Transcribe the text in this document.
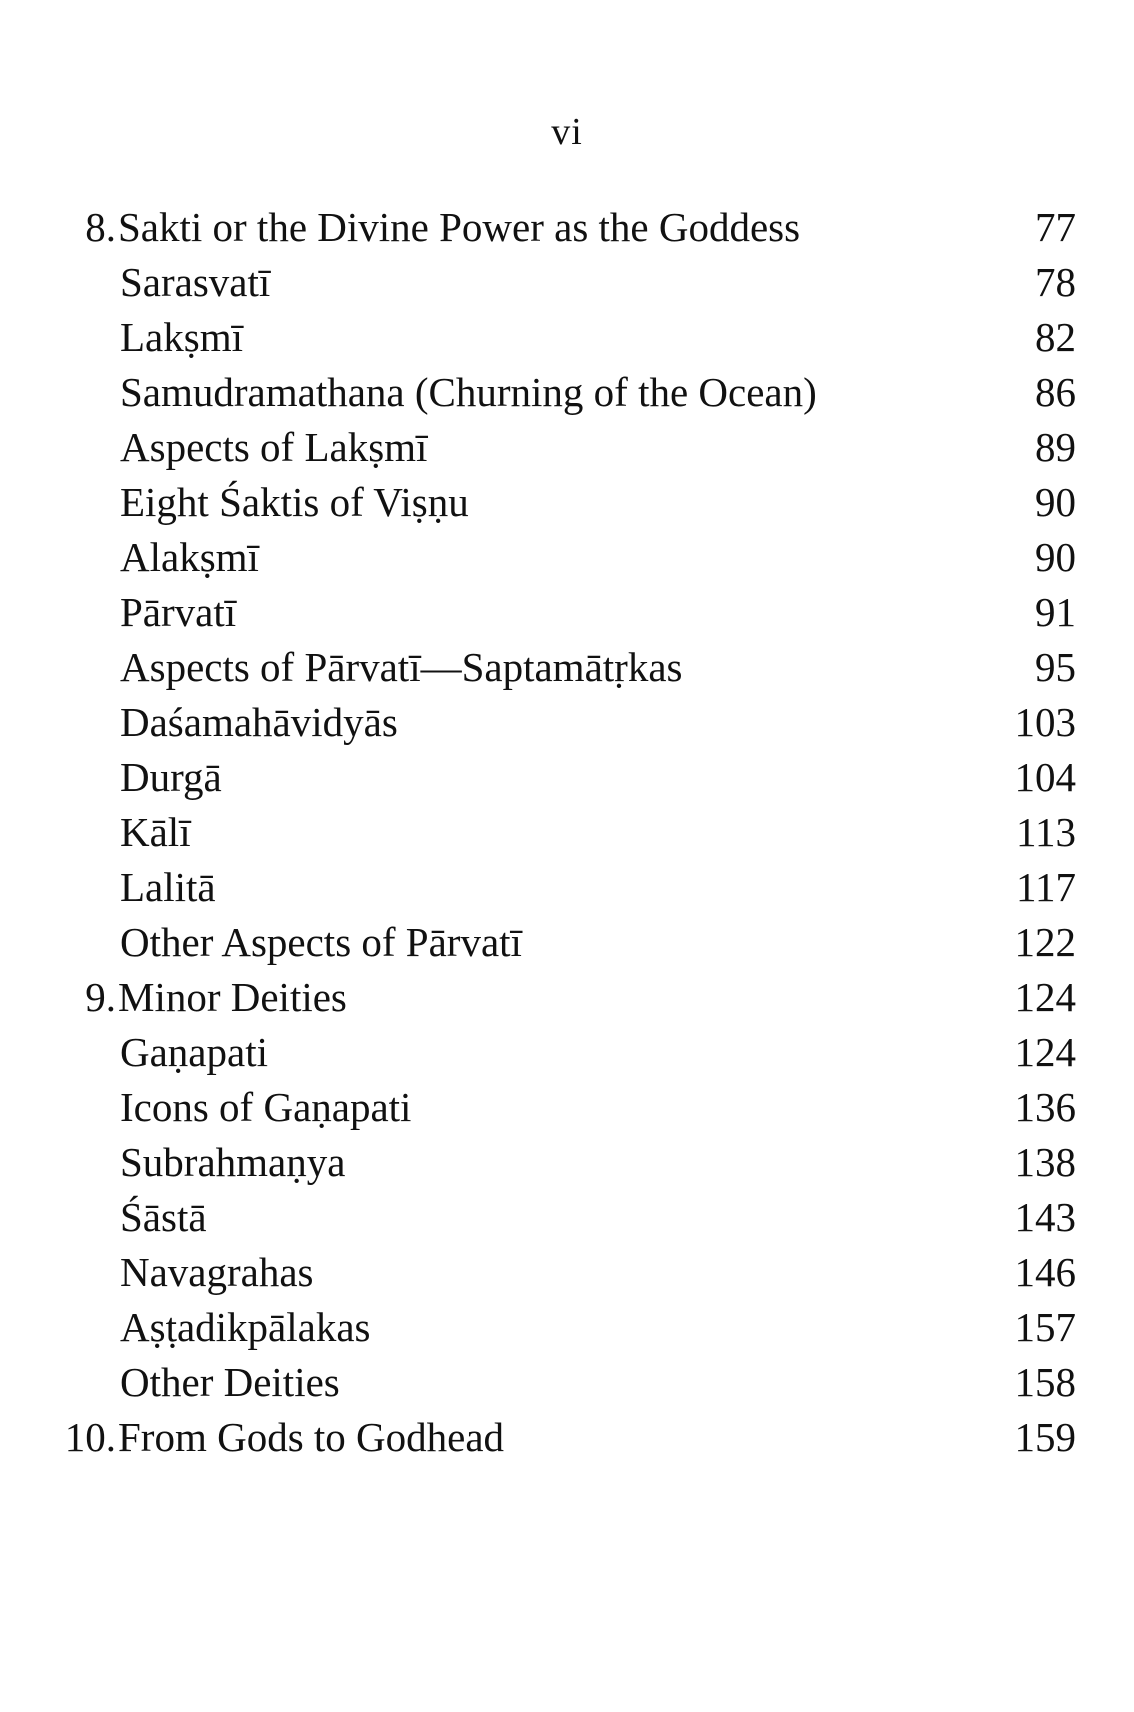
vi
8. Sakti or the Divine Power as the Goddess	77
Sarasvatī	78
Lakṣmī	82
Samudramathana (Churning of the Ocean)	86
Aspects of Lakṣmī	89
Eight Śaktis of Viṣṇu	90
Alakṣmī	90
Pārvatī	91
Aspects of Pārvatī—Saptamātṛkas	95
Daśamahāvidyās	103
Durgā	104
Kālī	113
Lalitā	117
Other Aspects of Pārvatī	122
9. Minor Deities	124
Gaṇapati	124
Icons of Gaṇapati	136
Subrahmaṇya	138
Śāstā	143
Navagrahas	146
Aṣṭadikpālakas	157
Other Deities	158
10. From Gods to Godhead	159
